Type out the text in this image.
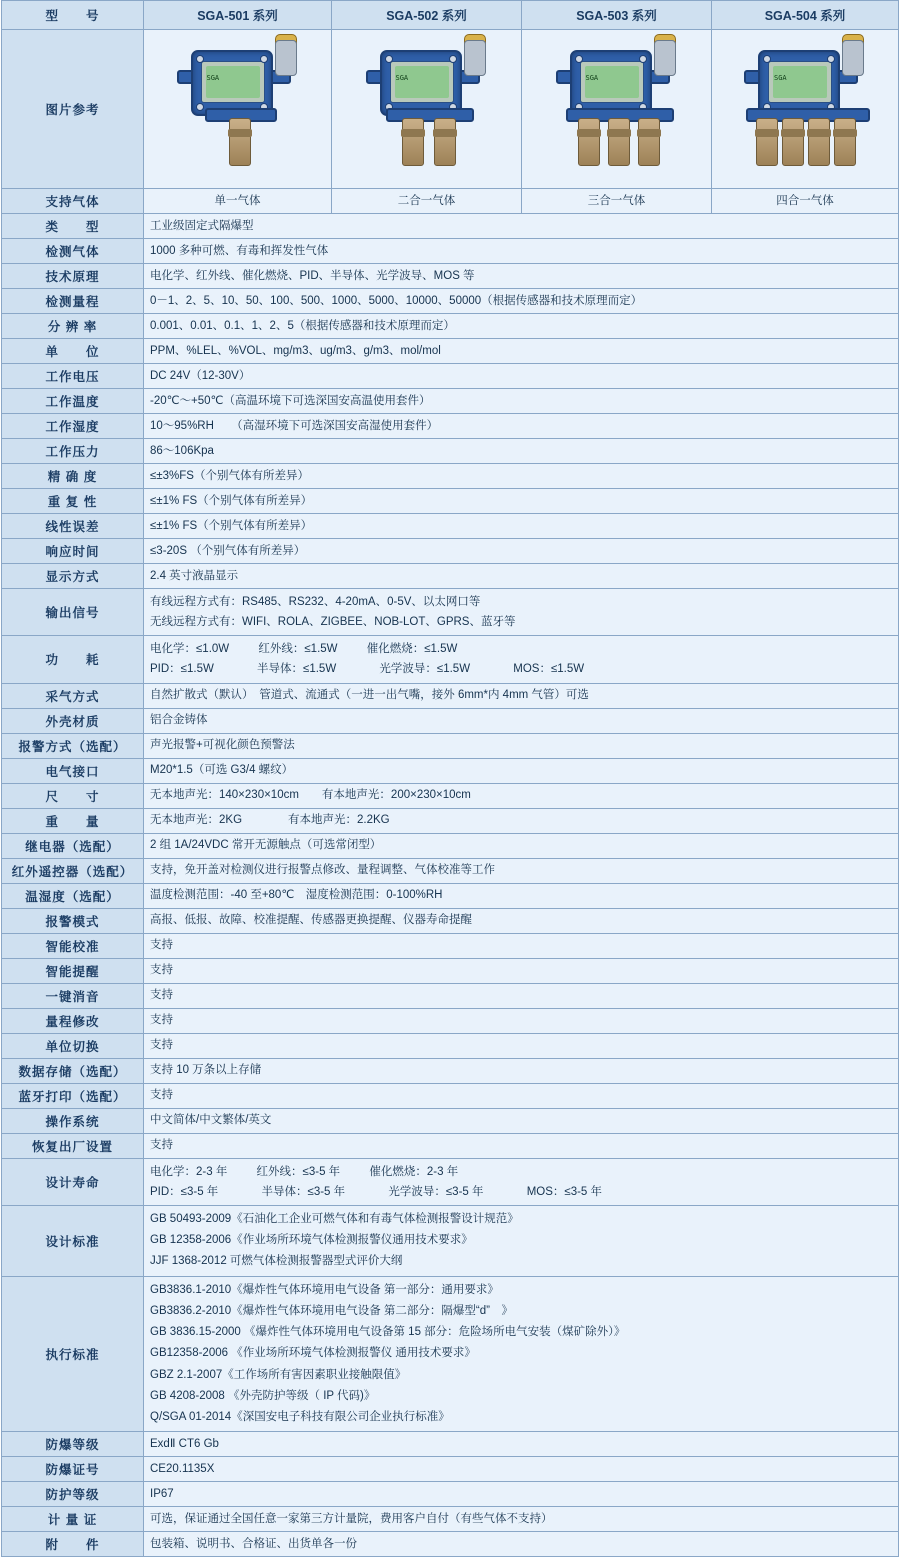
型　　号	SGA-501 系列	SGA-502 系列	SGA-503 系列	SGA-504 系列
图片参考	SGA	SGA	SGA	SGA

支持气体	单一气体	二合一气体	三合一气体	四合一气体
类　　型	工业级固定式隔爆型			
检测气体	1000 多种可燃、有毒和挥发性气体			
技术原理	电化学、红外线、催化燃烧、PID、半导体、光学波导、MOS 等			
检测量程	0－1、2、5、10、50、100、500、1000、5000、10000、50000（根据传感器和技术原理而定）			
分 辨 率	0.001、0.01、0.1、1、2、5（根据传感器和技术原理而定）			
单　　位	PPM、%LEL、%VOL、mg/m3、ug/m3、g/m3、mol/mol			
工作电压	DC 24V（12-30V）			
工作温度	-20℃～+50℃（高温环境下可选深国安高温使用套件）			
工作湿度	10～95%RH　　（高湿环境下可选深国安高湿使用套件）			
工作压力	86～106Kpa			
精 确 度	≤±3%FS（个别气体有所差异）			
重 复 性	≤±1% FS（个别气体有所差异）			
线性误差	≤±1% FS（个别气体有所差异）			
响应时间	≤3-20S （个别气体有所差异）			
显示方式	2.4 英寸液晶显示			
输出信号	有线远程方式有：RS485、RS232、4-20mA、0-5V、以太网口等
无线远程方式有：WIFI、ROLA、ZIGBEE、NOB-LOT、GPRS、蓝牙等			

功　　耗	电化学：≤1.0W 红外线：≤1.5W 催化燃烧：≤1.5W
PID：≤1.5W 半导体：≤1.5W 光学波导：≤1.5W MOS：≤1.5W			

采气方式	自然扩散式（默认）　管道式、流通式（一进一出气嘴，接外 6mm*内 4mm 气管）可选			
外壳材质	铝合金铸体			
报警方式（选配）	声光报警+可视化颜色预警法			
电气接口	M20*1.5（可选 G3/4 螺纹）			
尺　　寸	无本地声光：140×230×10cm　　有本地声光：200×230×10cm			
重　　量	无本地声光：2KG　　　　有本地声光：2.2KG			
继电器（选配）	2 组 1A/24VDC 常开无源触点（可选常闭型）			
红外遥控器（选配）	支持，免开盖对检测仪进行报警点修改、量程调整、气体校准等工作			
温湿度（选配）	温度检测范围：-40 至+80℃　湿度检测范围：0-100%RH			
报警模式	高报、低报、故障、校准提醒、传感器更换提醒、仪器寿命提醒			
智能校准	支持			
智能提醒	支持			
一键消音	支持			
量程修改	支持			
单位切换	支持			
数据存储（选配）	支持 10 万条以上存储			
蓝牙打印（选配）	支持			
操作系统	中文简体/中文繁体/英文			
恢复出厂设置	支持			
设计寿命	电化学：2-3 年 红外线：≤3-5 年 催化燃烧：2-3 年
PID：≤3-5 年 半导体：≤3-5 年 光学波导：≤3-5 年 MOS：≤3-5 年			

设计标准	GB 50493-2009《石油化工企业可燃气体和有毒气体检测报警设计规范》
GB 12358-2006《作业场所环境气体检测报警仪通用技术要求》
JJF 1368-2012 可燃气体检测报警器型式评价大纲			

执行标准	
GB3836.1-2010《爆炸性气体环境用电气设备 第一部分：通用要求》
GB3836.2-2010《爆炸性气体环境用电气设备 第二部分：隔爆型“d”　》
GB 3836.15-2000 《爆炸性气体环境用电气设备第 15 部分：危险场所电气安装（煤矿除外）》
GB12358-2006 《作业场所环境气体检测报警仪 通用技术要求》
GBZ 2.1-2007《工作场所有害因素职业接触限值》
GB 4208-2008 《外壳防护等级（ IP 代码)》
Q/SGA 01-2014《深国安电子科技有限公司企业执行标准》

防爆等级	ExdⅡ CT6 Gb			
防爆证号	CE20.1135X			
防护等级	IP67			
计 量 证	可选，保证通过全国任意一家第三方计量院，费用客户自付（有些气体不支持）			
附　　件	包装箱、说明书、合格证、出货单各一份			
